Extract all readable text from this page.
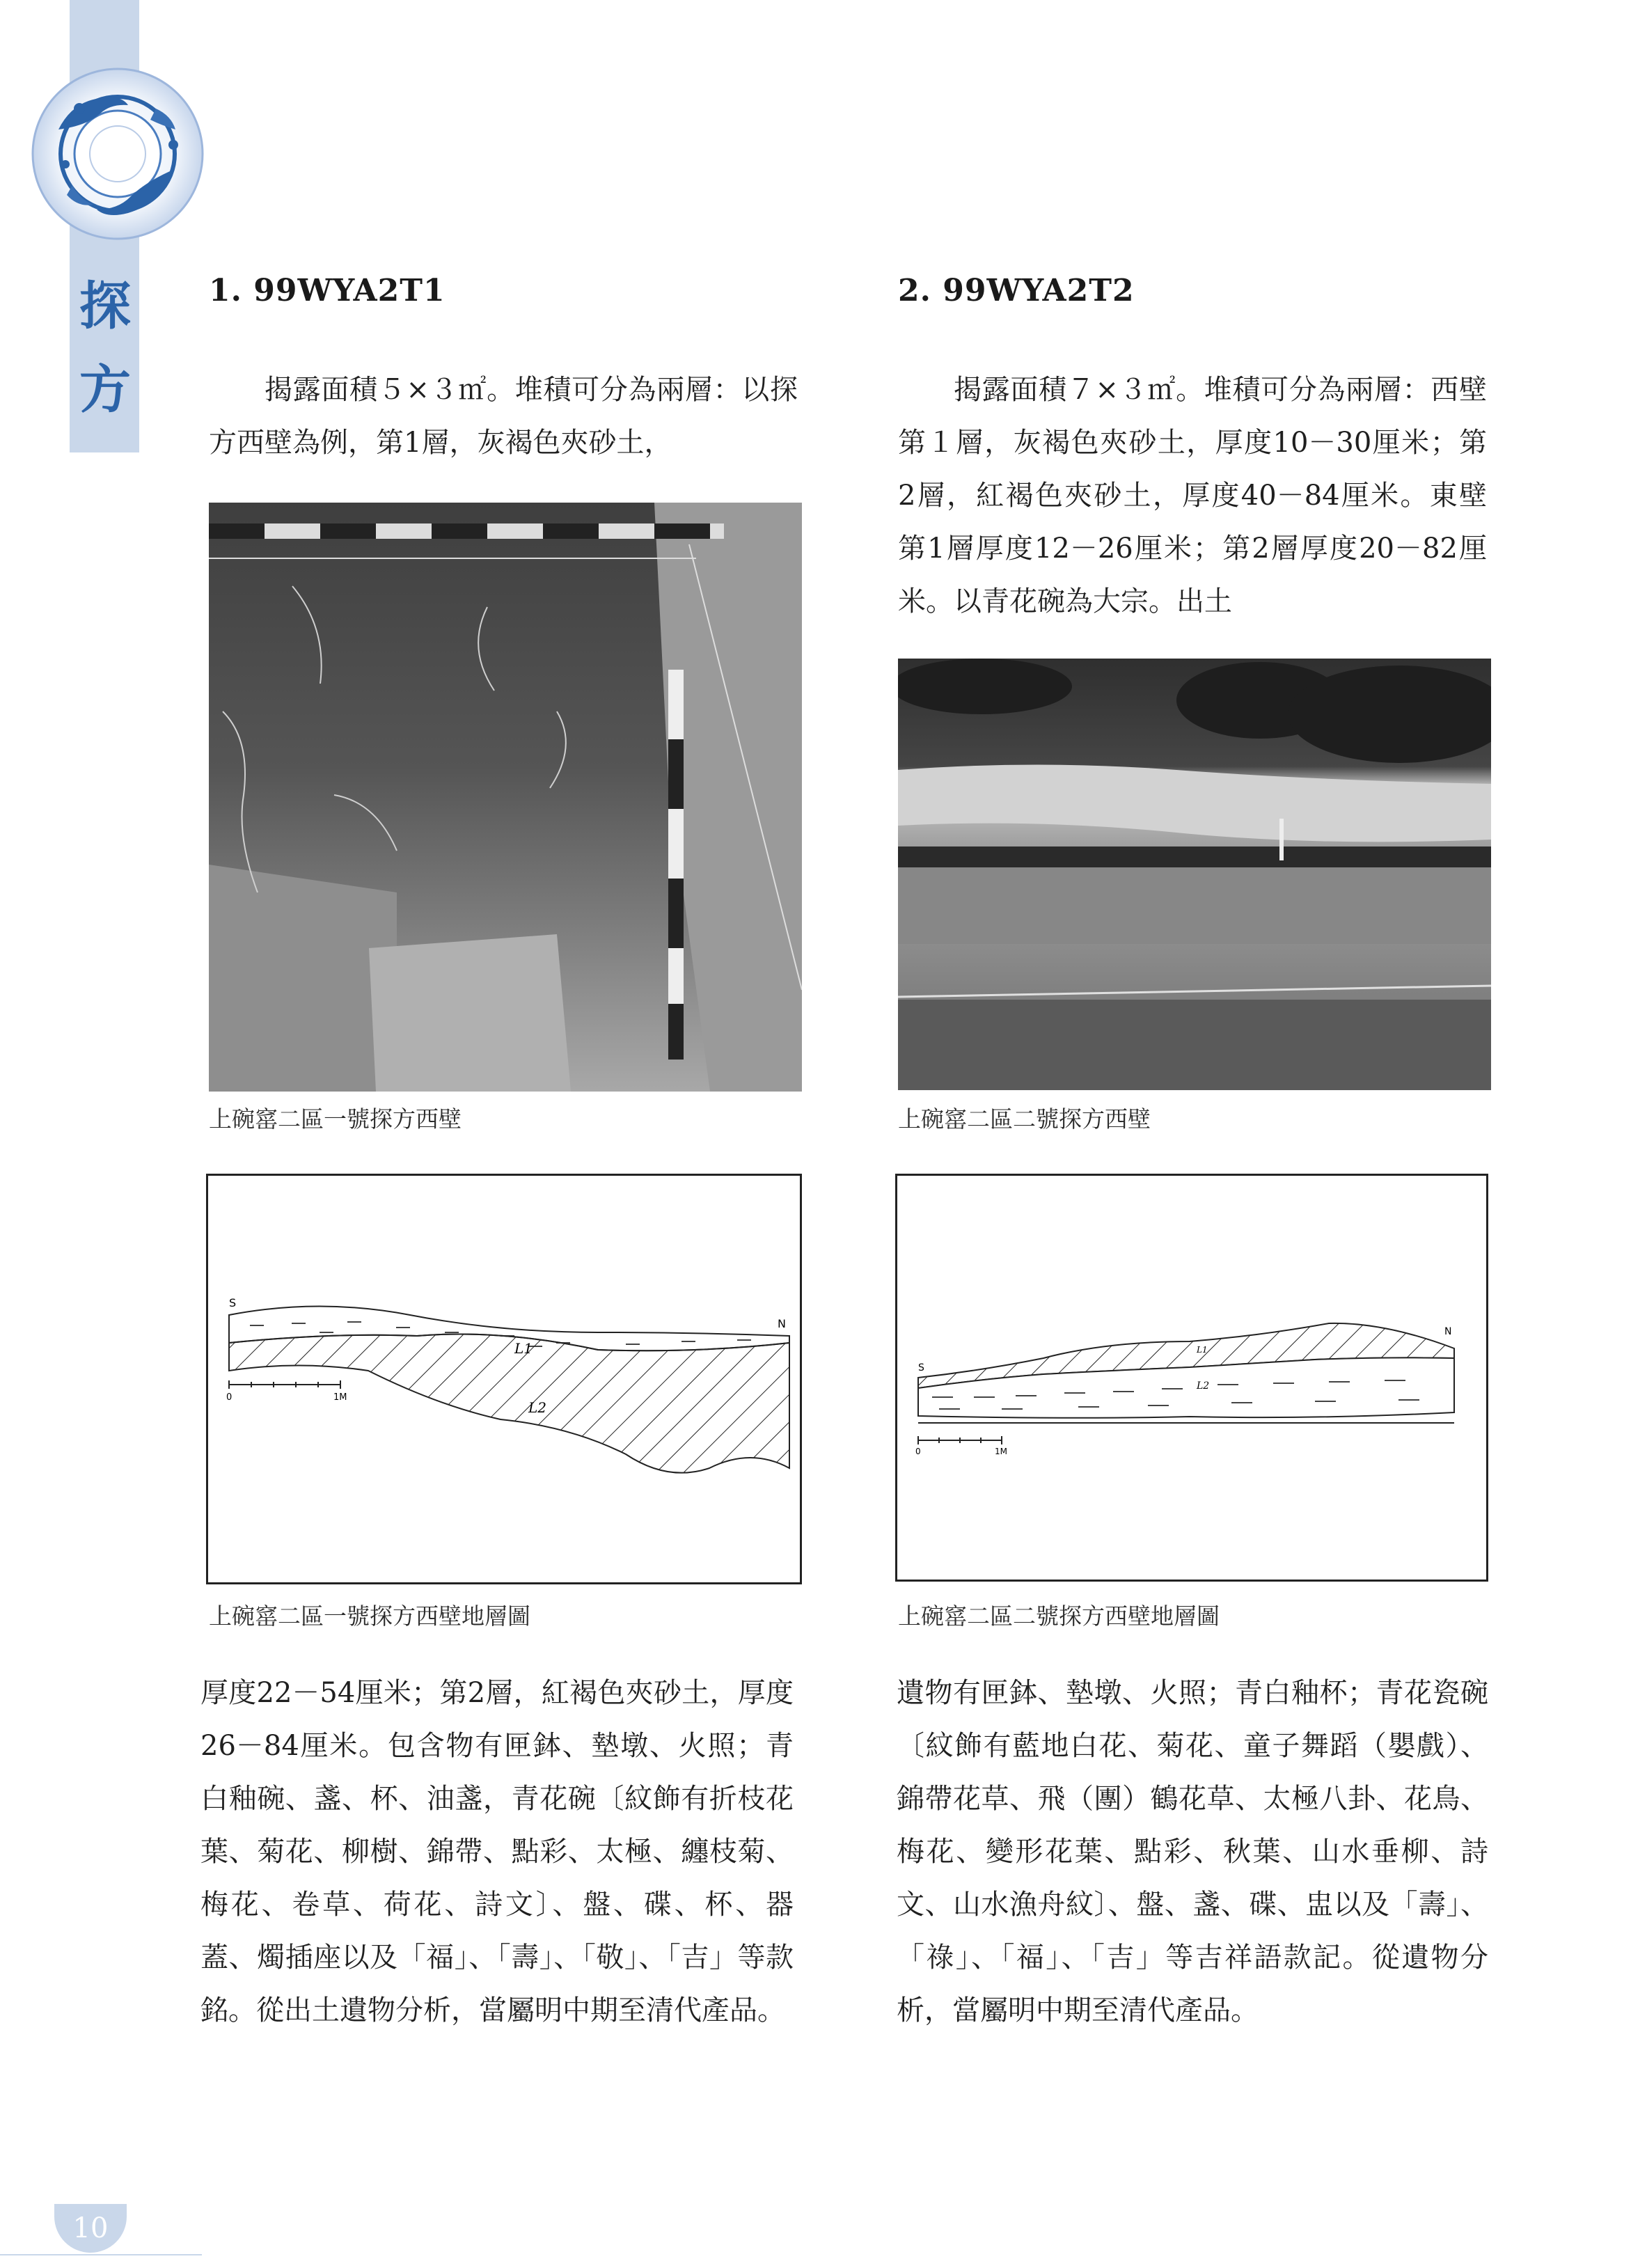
探
方
1. 99WYA2T1
揭露面積５×３㎡。堆積可分為兩層：以探方西壁為例，第1層，灰褐色夾砂土，
上碗窰二區一號探方西壁
S
N
L1
L2
0	1M
上碗窰二區一號探方西壁地層圖
厚度22－54厘米；第2層，紅褐色夾砂土，厚度26－84厘米。包含物有匣鉢、墊墩、火照；青白釉碗、盞、杯、油盞，青花碗〔紋飾有折枝花葉、菊花、柳樹、錦帶、點彩、太極、纏枝菊、梅花、卷草、荷花、詩文〕、盤、碟、杯、器蓋、燭插座以及「福」、「壽」、「敬」、「吉」等款銘。從出土遺物分析，當屬明中期至清代產品。
2. 99WYA2T2
揭露面積７×３㎡。堆積可分為兩層：西壁第１層，灰褐色夾砂土，厚度10－30厘米；第2層，紅褐色夾砂土，厚度40－84厘米。東壁第1層厚度12－26厘米；第2層厚度20－82厘米。以青花碗為大宗。出土
上碗窰二區二號探方西壁
S
N
L1
L2
0	1M
上碗窰二區二號探方西壁地層圖
遺物有匣鉢、墊墩、火照；青白釉杯；青花瓷碗〔紋飾有藍地白花、菊花、童子舞蹈（嬰戲）、錦帶花草、飛（團）鶴花草、太極八卦、花鳥、梅花、變形花葉、點彩、秋葉、山水垂柳、詩文、山水漁舟紋〕、盤、盞、碟、盅以及「壽」、「祿」、「福」、「吉」等吉祥語款記。從遺物分析，當屬明中期至清代產品。
10
